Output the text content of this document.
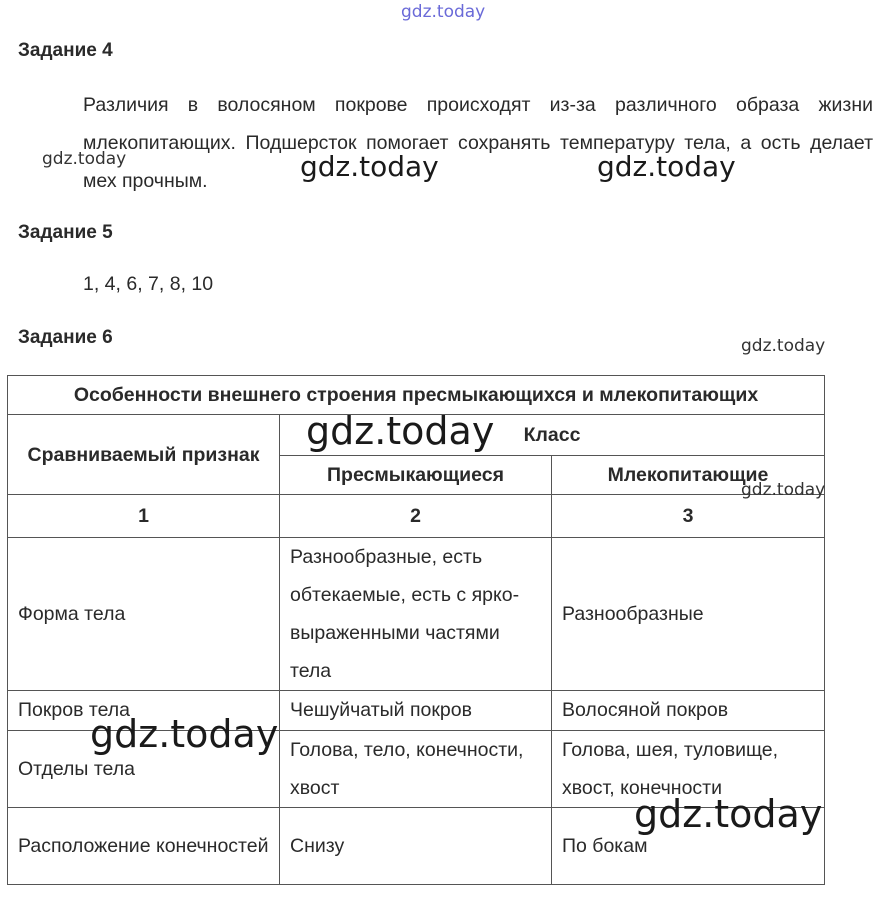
gdz.today
Задание 4
Различия в волосяном покрове происходят из-за различного образа жизни млекопитающих. Подшерсток помогает сохранять температуру тела, а ость делает мех прочным.
gdz.today	gdz.today	gdz.today
Задание 5
1, 4, 6, 7, 8, 10
Задание 6	gdz.today
Особенности внешнего строения пресмыкающихся и млекопитающих		
Сравниваемый признак	Класс	
	Пресмыкающиеся	Млекопитающие
1	2	3
Форма тела	Разнообразные, есть обтекаемые, есть с ярко-выраженными частями тела	Разнообразные
Покров тела	Чешуйчатый покров	Волосяной покров
Отделы тела	Голова, тело, конечности, хвост	Голова, шея, туловище, хвост, конечности
Расположение конечностей	Снизу	По бокам
gdz.today
gdz.today
gdz.today
gdz.today
